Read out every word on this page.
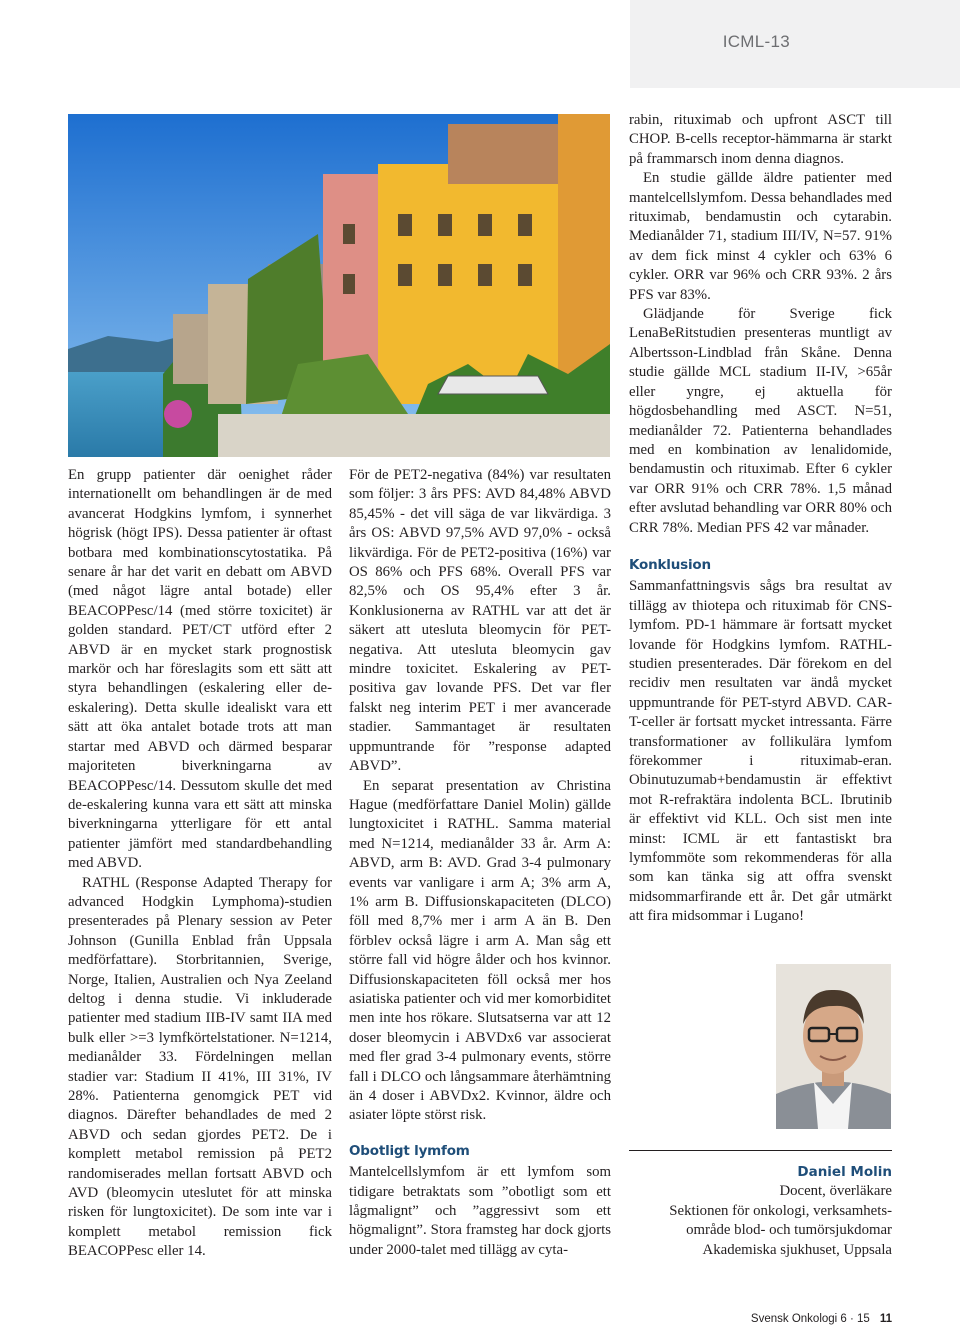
ICML-13

En grupp patienter där oenighet råder internationellt om behandlingen är de med avancerat Hodgkins lymfom, i synnerhet högrisk (högt IPS). Dessa patienter är oftast botbara med kombinationscytostatika. På senare år har det varit en debatt om ABVD (med något lägre antal botade) eller BEACOPPesc/14 (med större toxicitet) är golden standard. PET/CT utförd efter 2 ABVD är en mycket stark prognostisk markör och har föreslagits som ett sätt att styra behandlingen (eskalering eller de-eskalering). Detta skulle idealiskt vara ett sätt att öka antalet botade trots att man startar med ABVD och därmed besparar majoriteten biverkningarna av BEACOPPesc/14. Dessutom skulle det med de-eskalering kunna vara ett sätt att minska biverkningarna ytterligare för ett antal patienter jämfört med standardbehandling med ABVD.

RATHL (Response Adapted Therapy for advanced Hodgkin Lymphoma)-studien presenterades på Plenary session av Peter Johnson (Gunilla Enblad från Uppsala medförfattare). Storbritannien, Sverige, Norge, Italien, Australien och Nya Zeeland deltog i denna studie. Vi inkluderade patienter med stadium IIB-IV samt IIA med bulk eller >=3 lymfkörtelstationer. N=1214, medianålder 33. Fördelningen mellan stadier var: Stadium II 41%, III 31%, IV 28%. Patienterna genomgick PET vid diagnos. Därefter behandlades de med 2 ABVD och sedan gjordes PET2. De i komplett metabol remission på PET2 randomiserades mellan fortsatt ABVD och AVD (bleomycin uteslutet för att minska risken för lungtoxicitet). De som inte var i komplett metabol remission fick BEACOPPesc eller 14.

För de PET2-negativa (84%) var resultaten som följer: 3 års PFS: AVD 84,48% ABVD 85,45% - det vill säga de var likvärdiga. 3 års OS: ABVD 97,5% AVD 97,0% - också likvärdiga. För de PET2-positiva (16%) var OS 86% och PFS 68%. Overall PFS var 82,5% och OS 95,4% efter 3 år. Konklusionerna av RATHL var att det är säkert att utesluta bleomycin för PET-negativa. Att utesluta bleomycin gav mindre toxicitet. Eskalering av PET-positiva gav lovande PFS. Det var fler falskt neg interim PET i mer avancerade stadier. Sammantaget är resultaten uppmuntrande för ”response adapted ABVD”.

En separat presentation av Christina Hague (medförfattare Daniel Molin) gällde lungtoxicitet i RATHL. Samma material med N=1214, medianålder 33 år. Arm A: ABVD, arm B: AVD. Grad 3-4 pulmonary events var vanligare i arm A; 3% arm A, 1% arm B. Diffusionskapaciteten (DLCO) föll med 8,7% mer i arm A än B. Den förblev också lägre i arm A. Man såg ett större fall vid högre ålder och hos kvinnor. Diffusionskapaciteten föll också mer hos asiatiska patienter och vid mer komorbiditet men inte hos rökare. Slutsatserna var att 12 doser bleomycin i ABVDx6 var associerat med fler grad 3-4 pulmonary events, större fall i DLCO och långsammare återhämtning än 4 doser i ABVDx2. Kvinnor, äldre och asiater löpte störst risk.

Obotligt lymfom

Mantelcellslymfom är ett lymfom som tidigare betraktats som ”obotligt som ett lågmalignt” och ”aggressivt som ett högmalignt”. Stora framsteg har dock gjorts under 2000-talet med tillägg av cyta-

rabin, rituximab och upfront ASCT till CHOP. B-cells receptor-hämmarna är starkt på frammarsch inom denna diagnos.

En studie gällde äldre patienter med mantelcellslymfom. Dessa behandlades med rituximab, bendamustin och cytarabin. Medianålder 71, stadium III/IV, N=57. 91% av dem fick minst 4 cykler och 63% 6 cykler. ORR var 96% och CRR 93%. 2 års PFS var 83%.

Glädjande för Sverige fick LenaBeRitstudien presenteras muntligt av Albertsson-Lindblad från Skåne. Denna studie gällde MCL stadium II-IV, >65år eller yngre, ej aktuella för högdosbehandling med ASCT. N=51, medianålder 72. Patienterna behandlades med en kombination av lenalidomide, bendamustin och rituximab. Efter 6 cykler var ORR 91% och CRR 78%. 1,5 månad efter avslutad behandling var ORR 80% och CRR 78%. Median PFS 42 var månader.

Konklusion

Sammanfattningsvis sågs bra resultat av tillägg av thiotepa och rituximab för CNS-lymfom. PD-1 hämmare är fortsatt mycket lovande för Hodgkins lymfom. RATHL-studien presenterades. Där förekom en del recidiv men resultaten var ändå mycket uppmuntrande för PET-styrd ABVD. CAR-T-celler är fortsatt mycket intressanta. Färre transformationer av follikulära lymfom förekommer i rituximab-eran. Obinutuzumab+bendamustin är effektivt mot R-refraktära indolenta BCL. Ibrutinib är effektivt vid KLL. Och sist men inte minst: ICML är ett fantastiskt bra lymfommöte som rekommenderas för alla som kan tänka sig att offra svenskt midsommarfirande ett år. Det går utmärkt att fira midsommar i Lugano!

Daniel Molin
Docent, överläkare
Sektionen för onkologi, verksamhets-
område blod- och tumörsjukdomar
Akademiska sjukhuset, Uppsala
Svensk Onkologi 6 · 15 11
